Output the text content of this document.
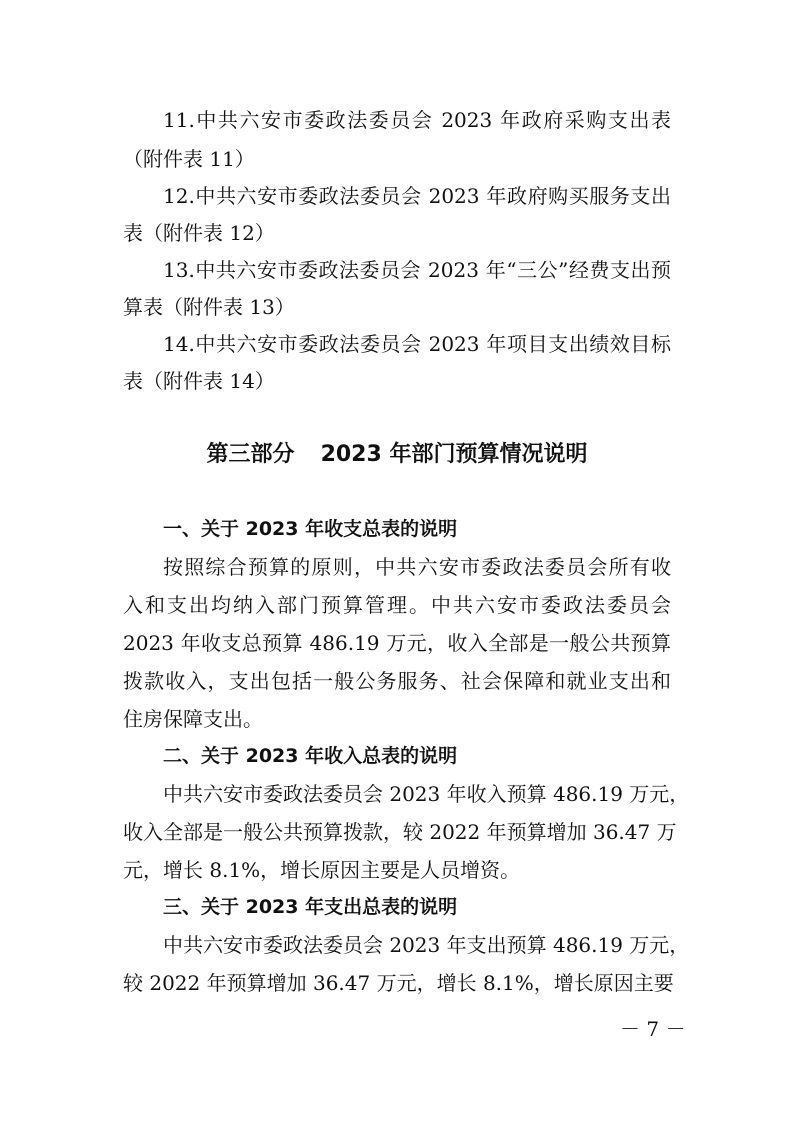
11.中共六安市委政法委员会 2023 年政府采购支出表
（附件表 11）
12.中共六安市委政法委员会 2023 年政府购买服务支出
表（附件表 12）
13.中共六安市委政法委员会 2023 年“三公”经费支出预
算表（附件表 13）
14.中共六安市委政法委员会 2023 年项目支出绩效目标
表（附件表 14）
第三部分 2023 年部门预算情况说明
一、关于 2023 年收支总表的说明
按照综合预算的原则，中共六安市委政法委员会所有收
入和支出均纳入部门预算管理。中共六安市委政法委员会
2023 年收支总预算 486.19 万元，收入全部是一般公共预算
拨款收入，支出包括一般公务服务、社会保障和就业支出和
住房保障支出。
二、关于 2023 年收入总表的说明
中共六安市委政法委员会 2023 年收入预算 486.19 万元，
收入全部是一般公共预算拨款，较 2022 年预算增加 36.47 万
元，增长 8.1%，增长原因主要是人员增资。
三、关于 2023 年支出总表的说明
中共六安市委政法委员会 2023 年支出预算 486.19 万元，
较 2022 年预算增加 36.47 万元，增长 8.1%，增长原因主要
－ 7 －
